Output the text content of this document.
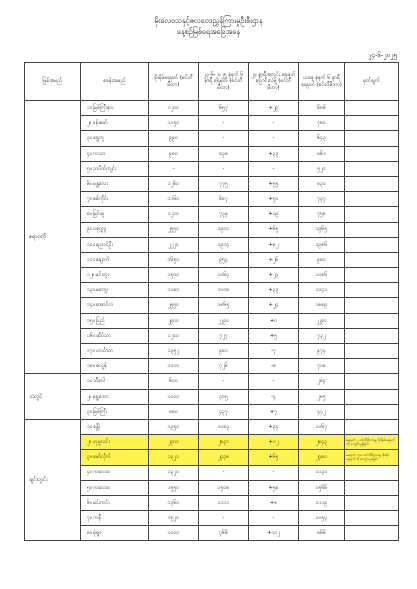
မိုးလေဝသနှင့်ဇလဗေဒညွှန်ကြားမှုဦးစီးဌာန
နေ့စဉ်မြစ်ရေအခြေအနေ
၂၄-၆-၂၀၂၅
မြစ်အမည်	စခန်းအမည်	စိုးရိမ်ရေမှတ် (စင်တီမီတာ)	၂၃-၆-၂၀၂၅ နံနက် ၆ နာရီ ရေမှတ် (စင်တီမီတာ)	၂၄ နာရီအတွင်း ရေမှတ်ပြောင်းလဲမှု (စင်တီမီတာ)	ယနေ့ နံနက် ၆ နာရီ ရေမှတ် (စင်တီမီတာ)	မှတ်ချက်
ဧရာဝတီ	၁။ မြစ်ကြီးနား	၁၂၀၀	၆၅၇	+၂၉	၆၈၆	
	၂။ ဗန်းမော်	၁၁၅၀	-	-	၇၈၀	
	၃။ ရွှေကူ	၉၉၀	-	-	၆၄၃	
	၄။ ကသာ	၉၈၀	၈၃၈	+၃၃	၈၆၁	
	၅။ သပိတ်ကျင်း	-	-	-	၅၂၁	
	၆။ မန္တလေး	၁၂၆၀	၇၇၅	+၅၅	၈၃၀	
	၇။ စစ်ကိုင်း	၁၁၆၀	၆၈၇	+၅၀	၇၃၇	
	၈။ မြင်းမူ	၁၂၁၀	၇၃၉	+၁၉	၇၅၈	
	၉။ ပခုက္ကူ	၂၅၅၀	၁၉၀၀	+၆၅	၁၉၆၅	
	၁၀။ ညောင်ဦး	၂၂၂၀	၁၉၁၄	+၈၂	၁၉၈၆	
	၁၁။ ချောက်	၁၆၅၀	၉၅၄	+၂၆	၉၈၀	
	၁၂။ မင်းဘူး	၁၅၀၀	၁၀၆၄	+၂၃	၁၀၈၆	
	၁၃။ မကွေး	၁၁၈၀	၁၀၀၈	+၃၃	၁၀၄၁	
	၁၄။ အောင်လံ	၂၅၅၀	၁၈၆၅	+၂၄	၁၈၈၉	
	၁၅။ ပြည်	၂၉၀၀	၂၂၉၀	+၀	၂၂၉၀	
	၁၆။ ဆိပ်သာ	၁၂၀၀	၇၂၇	+၅	၇၃၂	
	၁၇။ ဟင်္သာတ	၁၃၅၂	၉၈၁	-၇	၉၇၄	
	၁၈။ ဇလွန်	၁၀၁၀	၇၂၆	-၈	၇၁၈	
သံလွင်	၁။ သီပေါ	၆၀၀	-	-	၂၈၃	
	၂။ ရွှေဘော	၁၀၀၀	၃၀၅	-၄	၂၈၅	
	၃။ မြစ်ကြီး	၈၈၀	၄၃၇	+၇	၄၄၂	
ချင်းတွင်း	၁။ ခန္တီး	၁၃၅၀	၁၀၈၃	+၃၄	၁၀၆၇	
	၂။ ဟုမ္မလင်း	၂၃၀၀	၂၈၃၁	+၁၂	၂၈၄၃	ရေမှတ် ၂ စင်တီမီတာမျှ စိုးရိမ်ရေမှတ်ကို ကျော်လွန်ခြင်း
	၃။ မော်လိုက်	၁၃၂၁	၂၄၃၈	+၆၅	၂၄၈၀	ရေမှတ် ၁၃၀ စင်တီမီတာမျှ စိုးရိမ်ရေမှတ်ကို ကျော်လွန်ခြင်း
	၄။ ကလေးဝ	၁၃၂၀	-	-	၁၁၃၀	
	၅။ ကလေးဝ	၁၅၅၀	၁၅၀၈	+၅၈	၁၅၆၆	
	၆။ မင်းကင်း	၁၃၆၀	၁၁၁၁	+၈	၁၁၁၉	
	၇။ ကနီ	၁၅၂၀	-	-	၁၀၅၃	
	၈။ မုံရွာ	၁၀၀၀	၇၆၆	+၁၀၂	၈၆၆	
